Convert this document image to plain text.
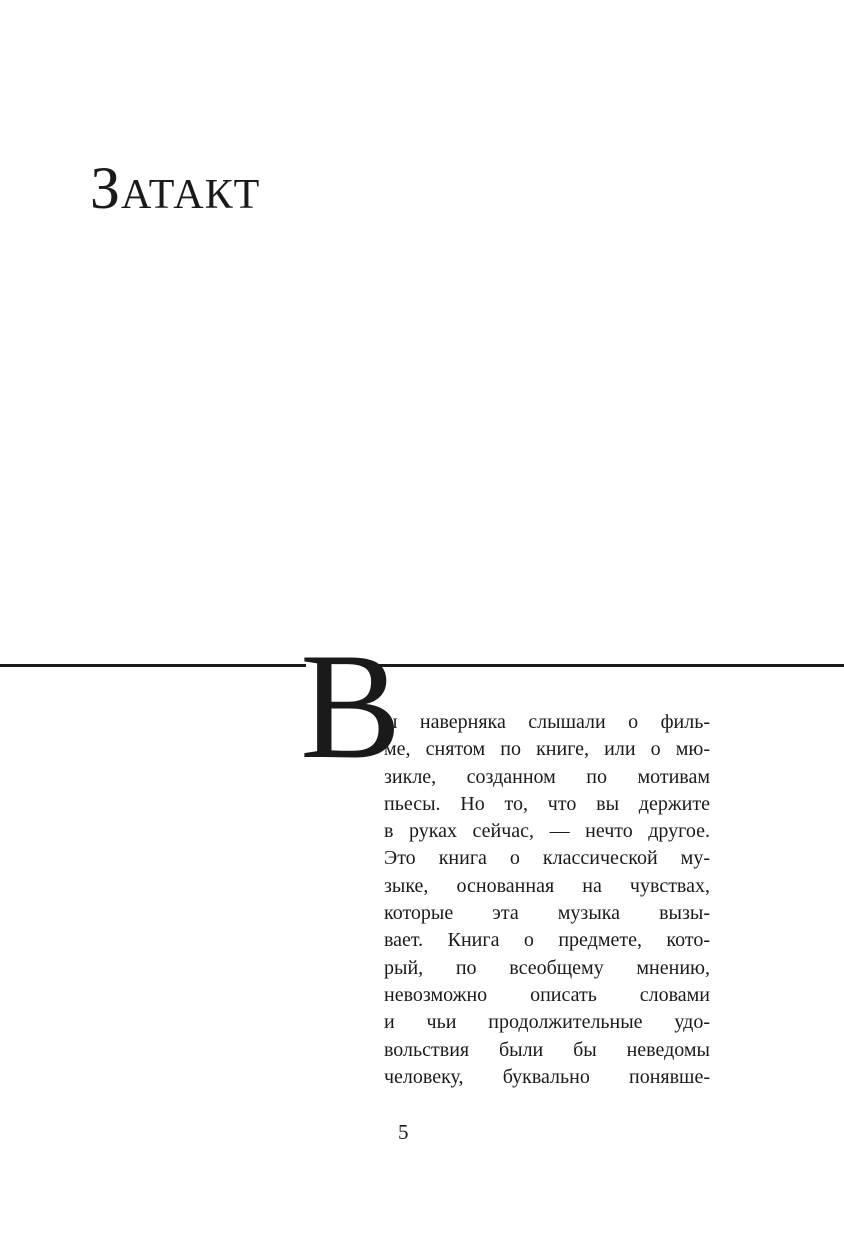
Затакт
В
ы наверняка слышали о филь-
ме, снятом по книге, или о мю-
зикле, созданном по мотивам
пьесы. Но то, что вы держите
в руках сейчас, — нечто другое.
Это книга о классической му-
зыке, основанная на чувствах,
которые эта музыка вызы-
вает. Книга о предмете, кото-
рый, по всеобщему мнению,
невозможно описать словами
и чьи продолжительные удо-
вольствия были бы неведомы
человеку, буквально понявше-
5
